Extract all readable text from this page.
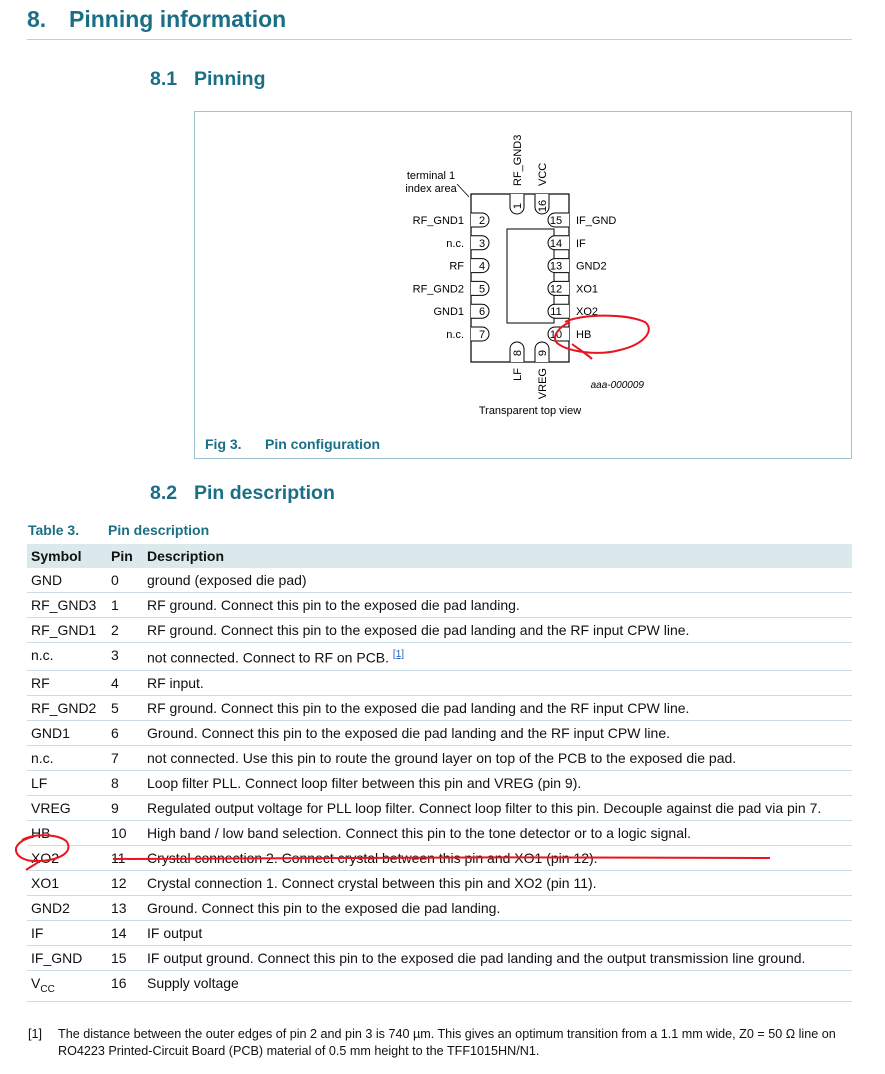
8. Pinning information
8.1 Pinning
terminal 1
index area
2
RF_GND1
3
n.c.
4
RF
5
RF_GND2
6
GND1
7
n.c.
15 IF_GND
14 IF
13 GND2
12 XO1
11 XO2
10 HB
1
RF_GND3
16
VCC
8
LF
9
VREG	aaa-000009
Transparent top view
Fig 3. Pin configuration
8.2 Pin description
Table 3. Pin description
Symbol	Pin	Description
GND	0	ground (exposed die pad)
RF_GND3	1	RF ground. Connect this pin to the exposed die pad landing.
RF_GND1	2	RF ground. Connect this pin to the exposed die pad landing and the RF input CPW line.
n.c.	3	not connected. Connect to RF on PCB. [1]
RF	4	RF input.
RF_GND2	5	RF ground. Connect this pin to the exposed die pad landing and the RF input CPW line.
GND1	6	Ground. Connect this pin to the exposed die pad landing and the RF input CPW line.
n.c.	7	not connected. Use this pin to route the ground layer on top of the PCB to the exposed die pad.
LF	8	Loop filter PLL. Connect loop filter between this pin and VREG (pin 9).
VREG	9	Regulated output voltage for PLL loop filter. Connect loop filter to this pin. Decouple against die pad via pin 7.
HB	10	High band / low band selection. Connect this pin to the tone detector or to a logic signal.
XO2	11	Crystal connection 2. Connect crystal between this pin and XO1 (pin 12).
XO1	12	Crystal connection 1. Connect crystal between this pin and XO2 (pin 11).
GND2	13	Ground. Connect this pin to the exposed die pad landing.
IF	14	IF output
IF_GND	15	IF output ground. Connect this pin to the exposed die pad landing and the output transmission line ground.
$V_{CC}$	16	Supply voltage
[1] The distance between the outer edges of pin 2 and pin 3 is 740 µm. This gives an optimum transition from a 1.1 mm wide, Z0 = 50 Ω line on RO4223 Printed-Circuit Board (PCB) material of 0.5 mm height to the TFF1015HN/N1.
